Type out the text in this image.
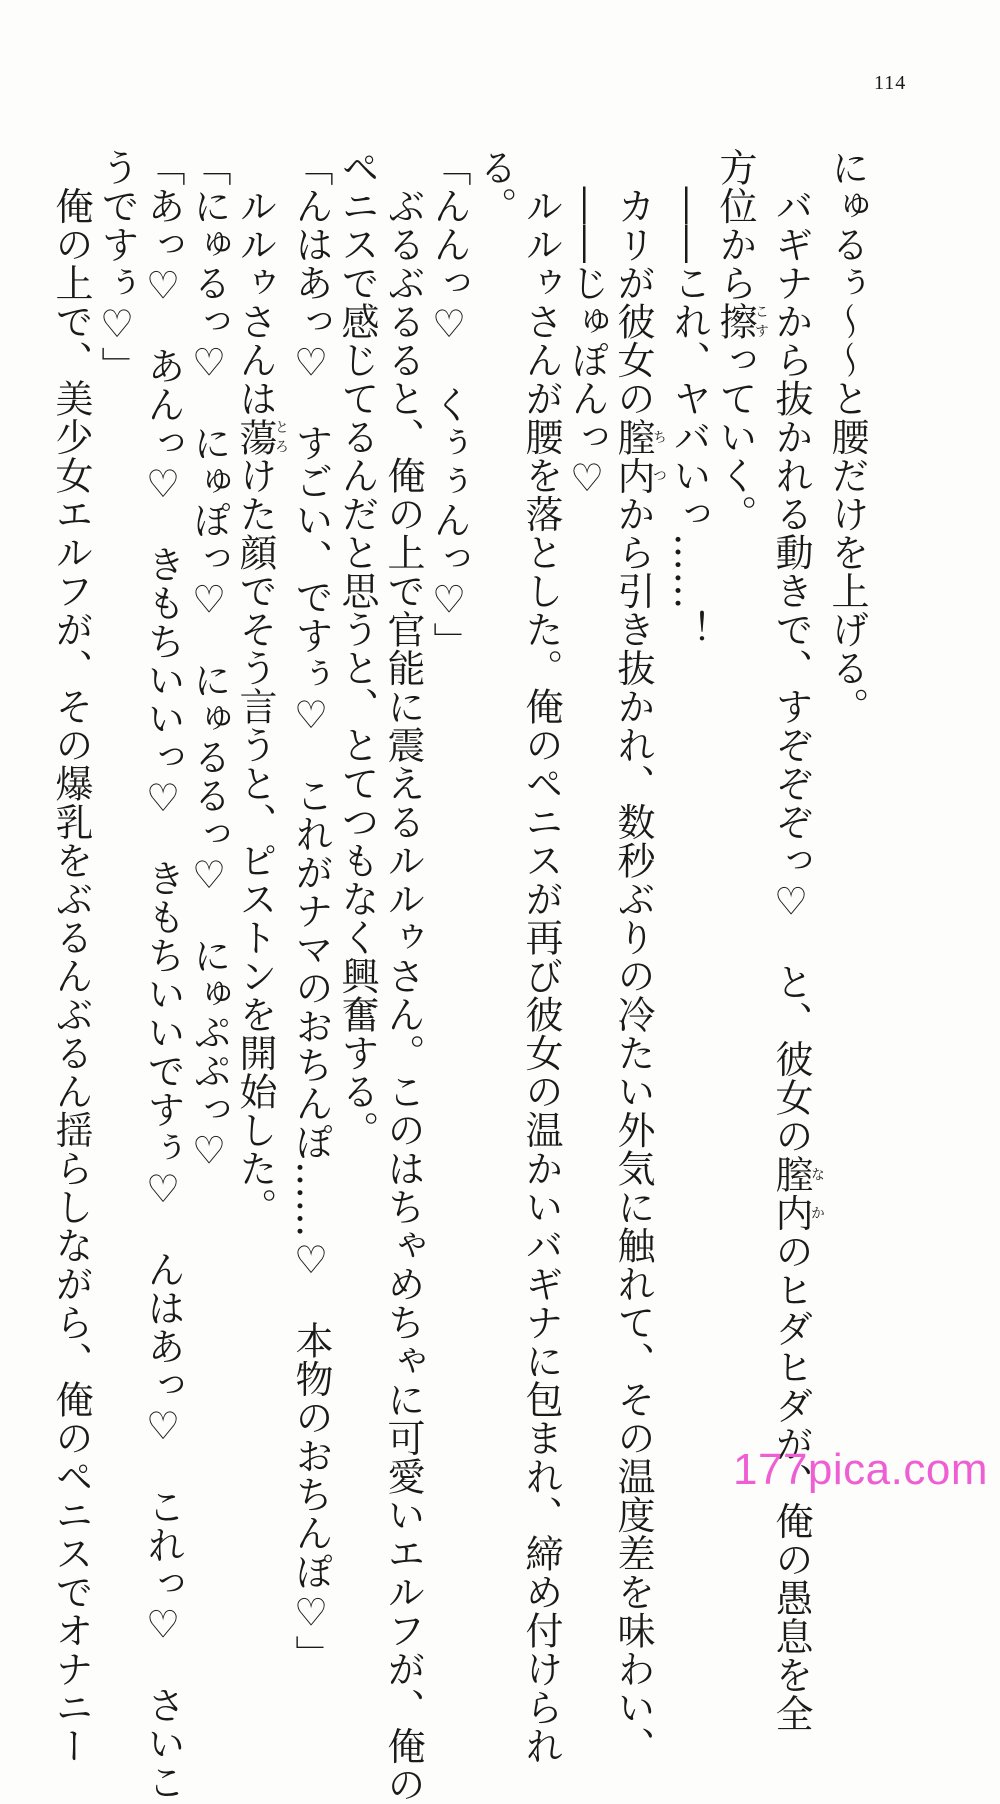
114

にゅるぅ〜〜と腰だけを上げる。

　バギナから抜かれる動きで、すぞぞぞっ♡　と、彼女の膣内なかのヒダヒダが、俺の愚息を全

方位から擦こすっていく。

　――これ、ヤバいっ……！

　カリが彼女の膣内ちつから引き抜かれ、数秒ぶりの冷たい外気に触れて、その温度差を味わい、

　――じゅぽんっ♡

　ルルゥさんが腰を落とした。俺のペニスが再び彼女の温かいバギナに包まれ、締め付けられ

る。

「んんっ♡　くぅぅんっ♡」

　ぶるぶるると、俺の上で官能に震えるルルゥさん。このはちゃめちゃに可愛いエルフが、俺の

ペニスで感じてるんだと思うと、とてつもなく興奮する。

「んはあっ♡　すごい、ですぅ♡　これがナマのおちんぽ……♡　本物のおちんぽ♡」

　ルルゥさんは蕩とろけた顔でそう言うと、ピストンを開始した。

「にゅるっ♡　にゅぽっ♡　にゅるるっ♡　にゅぷぷっ♡

「あっ♡　あんっ♡　きもちいいっ♡　きもちいいですぅ♡　んはあっ♡　これっ♡　さいこ

うですぅ♡」

　俺の上で、美少女エルフが、その爆乳をぶるんぶるん揺らしながら、俺のペニスでオナニー	177pica.com
